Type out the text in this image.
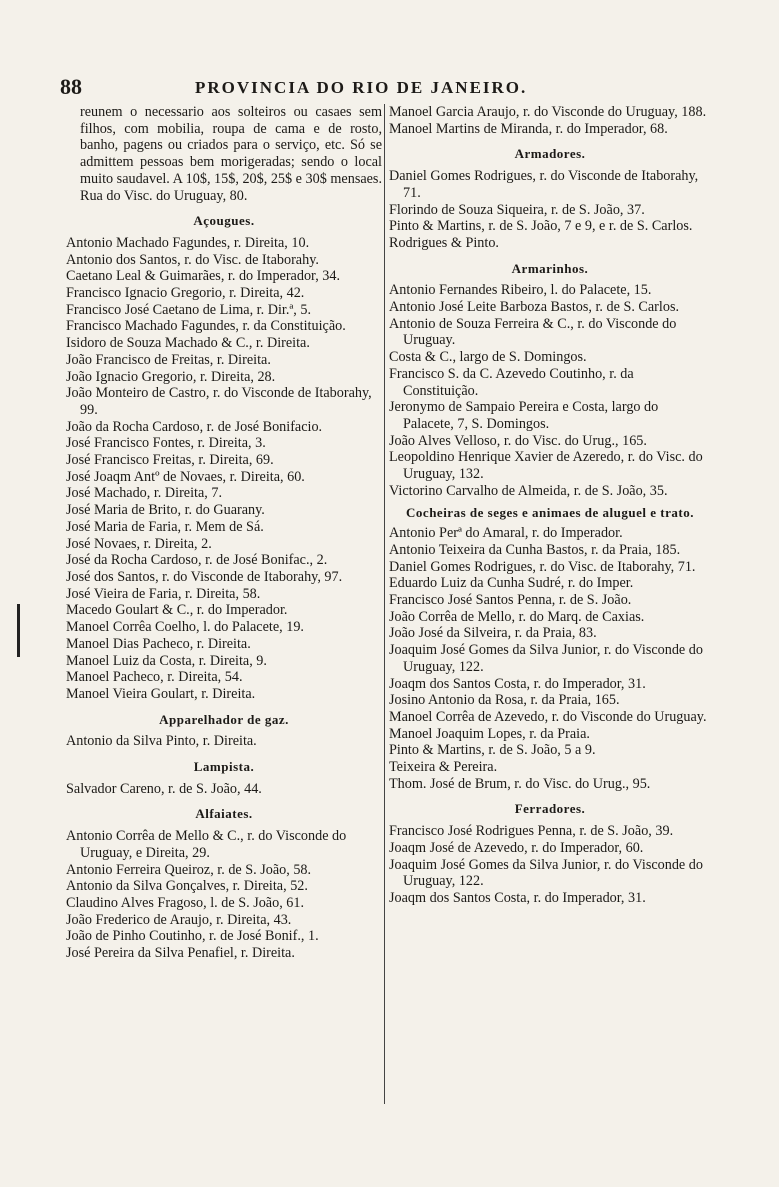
88	PROVINCIA DO RIO DE JANEIRO.
reunem o necessario aos solteiros ou casaes sem filhos, com mobilia, roupa de cama e de rosto, banho, pagens ou criados para o serviço, etc. Só se admittem pessoas bem morigeradas; sendo o local muito saudavel. A 10$, 15$, 20$, 25$ e 30$ mensaes. Rua do Visc. do Uruguay, 80.
Açougues.
Antonio Machado Fagundes, r. Direita, 10.
Antonio dos Santos, r. do Visc. de Itaborahy.
Caetano Leal & Guimarães, r. do Imperador, 34.
Francisco Ignacio Gregorio, r. Direita, 42.
Francisco José Caetano de Lima, r. Dir.ª, 5.
Francisco Machado Fagundes, r. da Constituição.
Isidoro de Souza Machado & C., r. Direita.
João Francisco de Freitas, r. Direita.
João Ignacio Gregorio, r. Direita, 28.
João Monteiro de Castro, r. do Visconde de Itaborahy, 99.
João da Rocha Cardoso, r. de José Bonifacio.
José Francisco Fontes, r. Direita, 3.
José Francisco Freitas, r. Direita, 69.
José Joaqm Antº de Novaes, r. Direita, 60.
José Machado, r. Direita, 7.
José Maria de Brito, r. do Guarany.
José Maria de Faria, r. Mem de Sá.
José Novaes, r. Direita, 2.
José da Rocha Cardoso, r. de José Bonifac., 2.
José dos Santos, r. do Visconde de Itaborahy, 97.
José Vieira de Faria, r. Direita, 58.
Macedo Goulart & C., r. do Imperador.
Manoel Corrêa Coelho, l. do Palacete, 19.
Manoel Dias Pacheco, r. Direita.
Manoel Luiz da Costa, r. Direita, 9.
Manoel Pacheco, r. Direita, 54.
Manoel Vieira Goulart, r. Direita.
Apparelhador de gaz.
Antonio da Silva Pinto, r. Direita.
Lampista.
Salvador Careno, r. de S. João, 44.
Alfaiates.
Antonio Corrêa de Mello & C., r. do Visconde do Uruguay, e Direita, 29.
Antonio Ferreira Queiroz, r. de S. João, 58.
Antonio da Silva Gonçalves, r. Direita, 52.
Claudino Alves Fragoso, l. de S. João, 61.
João Frederico de Araujo, r. Direita, 43.
João de Pinho Coutinho, r. de José Bonif., 1.
José Pereira da Silva Penafiel, r. Direita.
Manoel Garcia Araujo, r. do Visconde do Uruguay, 188.
Manoel Martins de Miranda, r. do Imperador, 68.
Armadores.
Daniel Gomes Rodrigues, r. do Visconde de Itaborahy, 71.
Florindo de Souza Siqueira, r. de S. João, 37.
Pinto & Martins, r. de S. João, 7 e 9, e r. de S. Carlos.
Rodrigues & Pinto.
Armarinhos.
Antonio Fernandes Ribeiro, l. do Palacete, 15.
Antonio José Leite Barboza Bastos, r. de S. Carlos.
Antonio de Souza Ferreira & C., r. do Visconde do Uruguay.
Costa & C., largo de S. Domingos.
Francisco S. da C. Azevedo Coutinho, r. da Constituição.
Jeronymo de Sampaio Pereira e Costa, largo do Palacete, 7, S. Domingos.
João Alves Velloso, r. do Visc. do Urug., 165.
Leopoldino Henrique Xavier de Azeredo, r. do Visc. do Uruguay, 132.
Victorino Carvalho de Almeida, r. de S. João, 35.
Cocheiras de seges e animaes de aluguel e trato.
Antonio Perª do Amaral, r. do Imperador.
Antonio Teixeira da Cunha Bastos, r. da Praia, 185.
Daniel Gomes Rodrigues, r. do Visc. de Itaborahy, 71.
Eduardo Luiz da Cunha Sudré, r. do Imper.
Francisco José Santos Penna, r. de S. João.
João Corrêa de Mello, r. do Marq. de Caxias.
João José da Silveira, r. da Praia, 83.
Joaquim José Gomes da Silva Junior, r. do Visconde do Uruguay, 122.
Joaqm dos Santos Costa, r. do Imperador, 31.
Josino Antonio da Rosa, r. da Praia, 165.
Manoel Corrêa de Azevedo, r. do Visconde do Uruguay.
Manoel Joaquim Lopes, r. da Praia.
Pinto & Martins, r. de S. João, 5 a 9.
Teixeira & Pereira.
Thom. José de Brum, r. do Visc. do Urug., 95.
Ferradores.
Francisco José Rodrigues Penna, r. de S. João, 39.
Joaqm José de Azevedo, r. do Imperador, 60.
Joaquim José Gomes da Silva Junior, r. do Visconde do Uruguay, 122.
Joaqm dos Santos Costa, r. do Imperador, 31.
